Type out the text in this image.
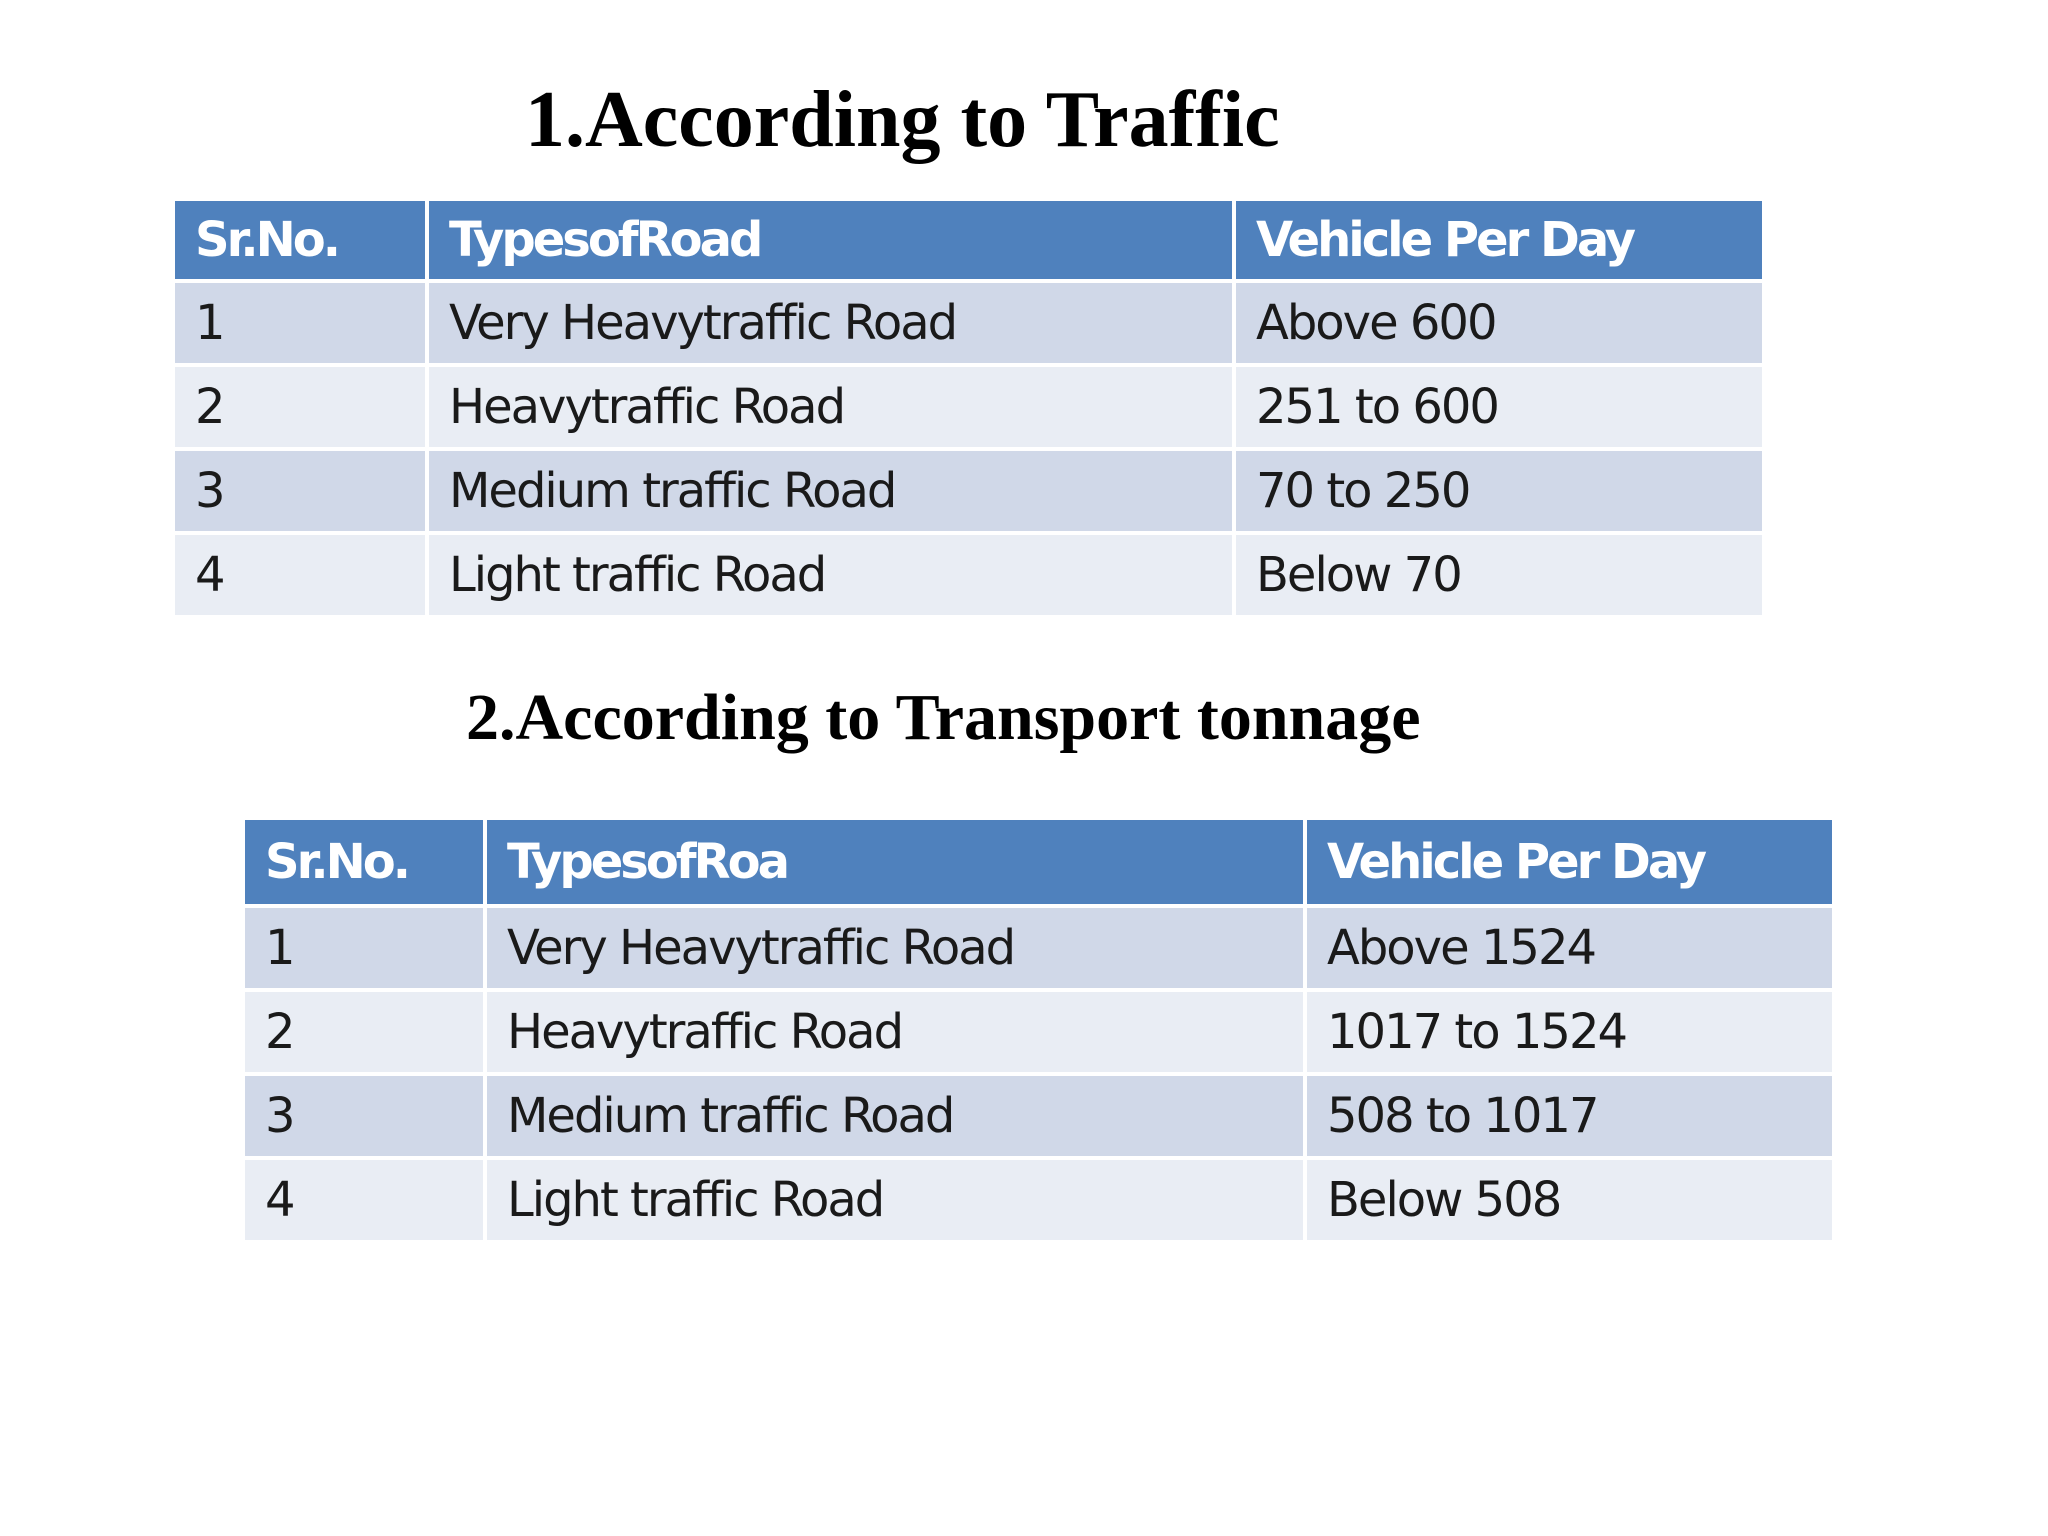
1.According to Traffic
Sr.No.	TypesofRoad	Vehicle Per Day
1	Very Heavytraffic Road	Above 600
2	Heavytraffic Road	251 to 600
3	Medium traffic Road	70 to 250
4	Light traffic Road	Below 70
2.According to Transport tonnage
Sr.No.	TypesofRoa	Vehicle Per Day
1	Very Heavytraffic Road	Above 1524
2	Heavytraffic Road	1017 to 1524
3	Medium traffic Road	508 to 1017
4	Light traffic Road	Below 508
